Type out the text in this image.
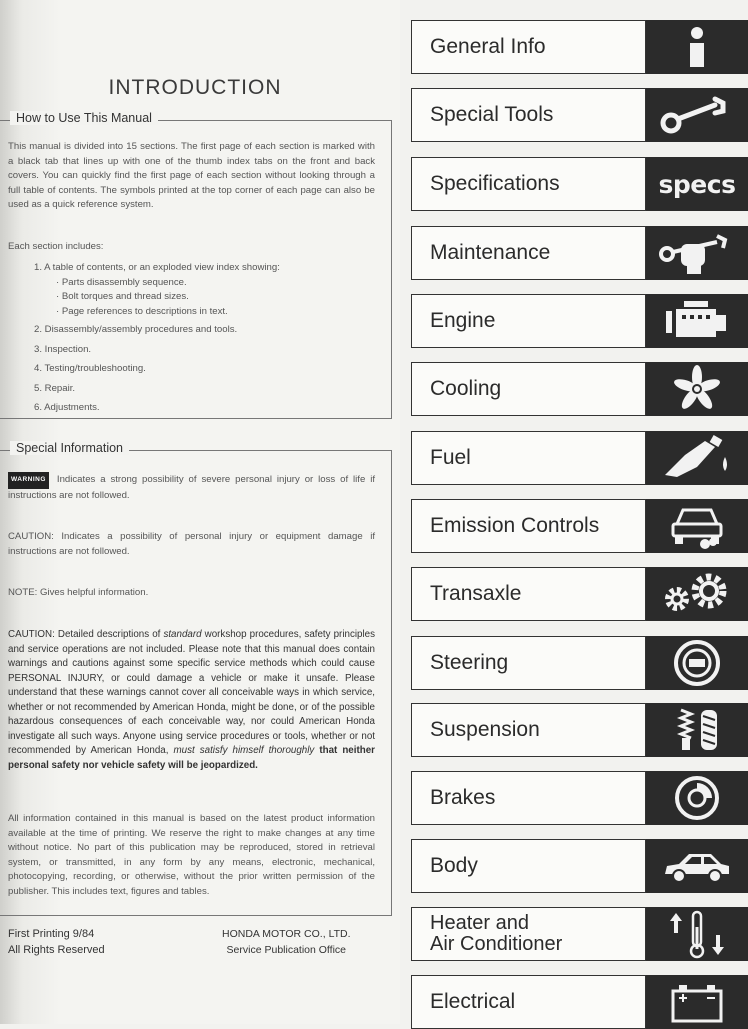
INTRODUCTION
How to Use This Manual
This manual is divided into 15 sections. The first page of each section is marked with a black tab that lines up with one of the thumb index tabs on the front and back covers. You can quickly find the first page of each section without looking through a full table of contents. The symbols printed at the top corner of each page can also be used as a quick reference system.
Each section includes:
1. A table of contents, or an exploded view index showing:
· Parts disassembly sequence.
· Bolt torques and thread sizes.
· Page references to descriptions in text.
2. Disassembly/assembly procedures and tools.
3. Inspection.
4. Testing/troubleshooting.
5. Repair.
6. Adjustments.
Special Information
WARNING Indicates a strong possibility of severe personal injury or loss of life if instructions are not followed.
CAUTION: Indicates a possibility of personal injury or equipment damage if instructions are not followed.
NOTE: Gives helpful information.
CAUTION: Detailed descriptions of standard workshop procedures, safety principles and service operations are not included. Please note that this manual does contain warnings and cautions against some specific service methods which could cause PERSONAL INJURY, or could damage a vehicle or make it unsafe. Please understand that these warnings cannot cover all conceivable ways in which service, whether or not recommended by American Honda, might be done, or of the possible hazardous consequences of each conceivable way, nor could American Honda investigate all such ways. Anyone using service procedures or tools, whether or not recommended by American Honda, must satisfy himself thoroughly that neither personal safety nor vehicle safety will be jeopardized.
All information contained in this manual is based on the latest product information available at the time of printing. We reserve the right to make changes at any time without notice. No part of this publication may be reproduced, stored in retrieval system, or transmitted, in any form by any means, electronic, mechanical, photocopying, recording, or otherwise, without the prior written permission of the publisher. This includes text, figures and tables.
First Printing 9/84
All Rights Reserved
HONDA MOTOR CO., LTD.
Service Publication Office
General Info
Special Tools
Specifications	specs
Maintenance
Engine
Cooling
Fuel
Emission Controls
Transaxle
Steering
Suspension
Brakes
Body
Heater and
Air Conditioner
Electrical
